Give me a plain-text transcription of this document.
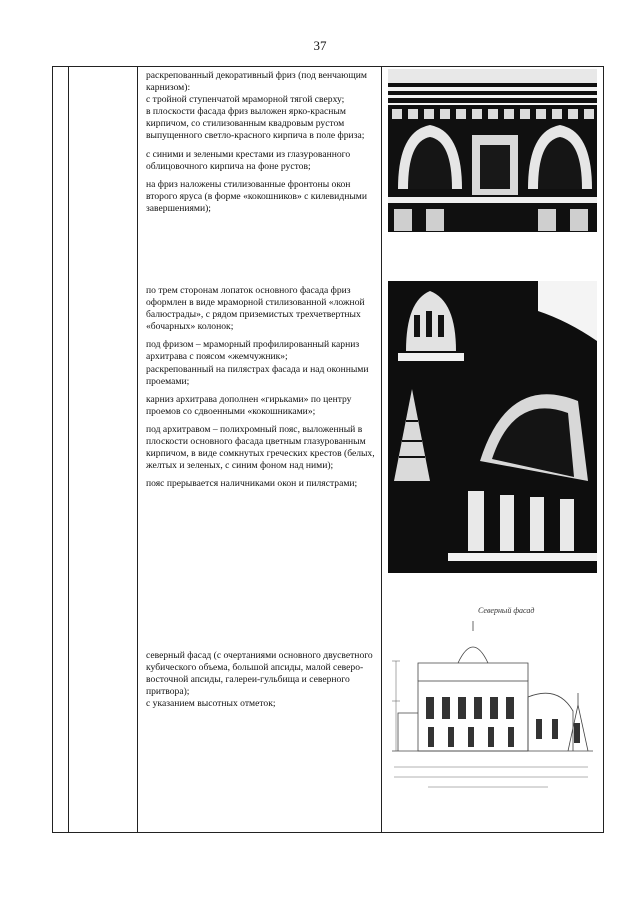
37

раскрепованный декоративный фриз (под венчающим карнизом):
с тройной ступенчатой мраморной тягой сверху;
в плоскости фасада фриз выложен ярко-красным кирпичом, со стилизованным квадровым рустом выпущенного светло-красного кирпича в поле фриза;

с синими и зелеными крестами из глазурованного облицовочного кирпича на фоне рустов;

на фриз наложены стилизованные фронтоны окон второго яруса (в форме «кокошников» с килевидными завершениями);

по трем сторонам лопаток основного фасада фриз оформлен в виде мраморной стилизованной «ложной балюстрады», с рядом приземистых трехчетвертных «бочарных» колонок;

под фризом – мраморный профилированный карниз архитрава с поясом «жемчужник»;
раскрепованный на пилястрах фасада и над оконными проемами;

карниз архитрава дополнен «гирьками» по центру проемов со сдвоенными «кокошниками»;

под архитравом – полихромный пояс, выложенный в плоскости основного фасада цветным глазурованным кирпичом, в виде сомкнутых греческих крестов (белых, желтых и зеленых, с синим фоном над ними);

пояс прерывается наличниками окон и пилястрами;

северный фасад (с очертаниями основного двусветного кубического объема, большой апсиды, малой северо-восточной апсиды, галереи-гульбища и северного притвора);
с указанием высотных отметок;

Северный фасад
